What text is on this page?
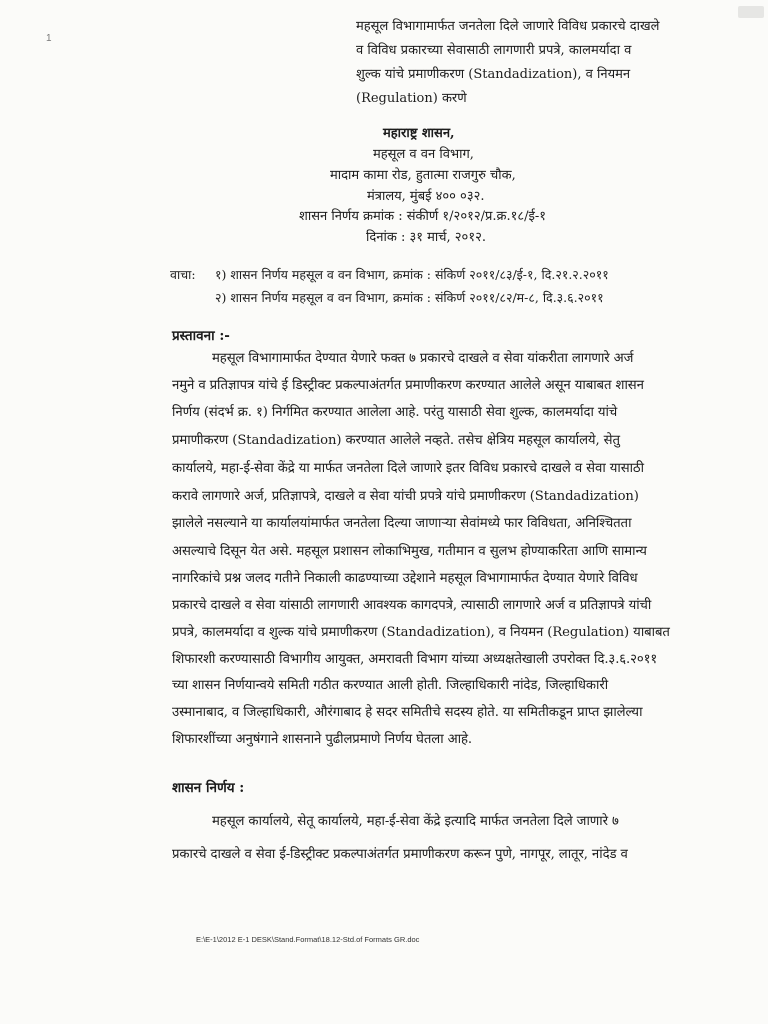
1
महसूल विभागामार्फत जनतेला दिले जाणारे विविध प्रकारचे दाखले
व विविध प्रकारच्या सेवासाठी लागणारी प्रपत्रे, कालमर्यादा व
शुल्क यांचे प्रमाणीकरण (Standadization), व नियमन
(Regulation) करणे
महाराष्ट्र शासन,
महसूल व वन विभाग,
मादाम कामा रोड, हुतात्मा राजगुरु चौक,
मंत्रालय, मुंबई ४०० ०३२.
शासन निर्णय क्रमांक : संकीर्ण १/२०१२/प्र.क्र.१८/ई-१
दिनांक : ३१ मार्च, २०१२.
वाचा: १) शासन निर्णय महसूल व वन विभाग, क्रमांक : संकिर्ण २०११/८३/ई-१, दि.२१.२.२०११
२) शासन निर्णय महसूल व वन विभाग, क्रमांक : संकिर्ण २०११/८२/म-८, दि.३.६.२०११
प्रस्तावना :-
महसूल विभागामार्फत देण्यात येणारे फक्त ७ प्रकारचे दाखले व सेवा यांकरीता लागणारे अर्ज
नमुने व प्रतिज्ञापत्र यांचे ई डिस्ट्रीक्ट प्रकल्पाअंतर्गत प्रमाणीकरण करण्यात आलेले असून याबाबत शासन
निर्णय (संदर्भ क्र. १) निर्गमित करण्यात आलेला आहे. परंतु यासाठी सेवा शुल्क, कालमर्यादा यांचे
प्रमाणीकरण (Standadization) करण्यात आलेले नव्हते. तसेच क्षेत्रिय महसूल कार्यालये, सेतु
कार्यालये, महा-ई-सेवा केंद्रे या मार्फत जनतेला दिले जाणारे इतर विविध प्रकारचे दाखले व सेवा यासाठी
करावे लागणारे अर्ज, प्रतिज्ञापत्रे, दाखले व सेवा यांची प्रपत्रे यांचे प्रमाणीकरण (Standadization)
झालेले नसल्याने या कार्यालयांमार्फत जनतेला दिल्या जाणाऱ्या सेवांमध्ये फार विविधता, अनिश्चितता
असल्याचे दिसून येत असे. महसूल प्रशासन लोकाभिमुख, गतीमान व सुलभ होण्याकरिता आणि सामान्य
नागरिकांचे प्रश्न जलद गतीने निकाली काढण्याच्या उद्देशाने महसूल विभागामार्फत देण्यात येणारे विविध
प्रकारचे दाखले व सेवा यांसाठी लागणारी आवश्यक कागदपत्रे, त्यासाठी लागणारे अर्ज व प्रतिज्ञापत्रे यांची
प्रपत्रे, कालमर्यादा व शुल्क यांचे प्रमाणीकरण (Standadization), व नियमन (Regulation) याबाबत
शिफारशी करण्यासाठी विभागीय आयुक्त, अमरावती विभाग यांच्या अध्यक्षतेखाली उपरोक्त दि.३.६.२०११
च्या शासन निर्णयान्वये समिती गठीत करण्यात आली होती. जिल्हाधिकारी नांदेड, जिल्हाधिकारी
उस्मानाबाद, व जिल्हाधिकारी, औरंगाबाद हे सदर समितीचे सदस्य होते. या समितीकडून प्राप्त झालेल्या
शिफारशींच्या अनुषंगाने शासनाने पुढीलप्रमाणे निर्णय घेतला आहे.
शासन निर्णय :
महसूल कार्यालये, सेतू कार्यालये, महा-ई-सेवा केंद्रे इत्यादि मार्फत जनतेला दिले जाणारे ७
प्रकारचे दाखले व सेवा ई-डिस्ट्रीक्ट प्रकल्पाअंतर्गत प्रमाणीकरण करून पुणे, नागपूर, लातूर, नांदेड व
E:\E-1\2012 E-1 DESK\Stand.Format\18.12-Std.of Formats GR.doc
